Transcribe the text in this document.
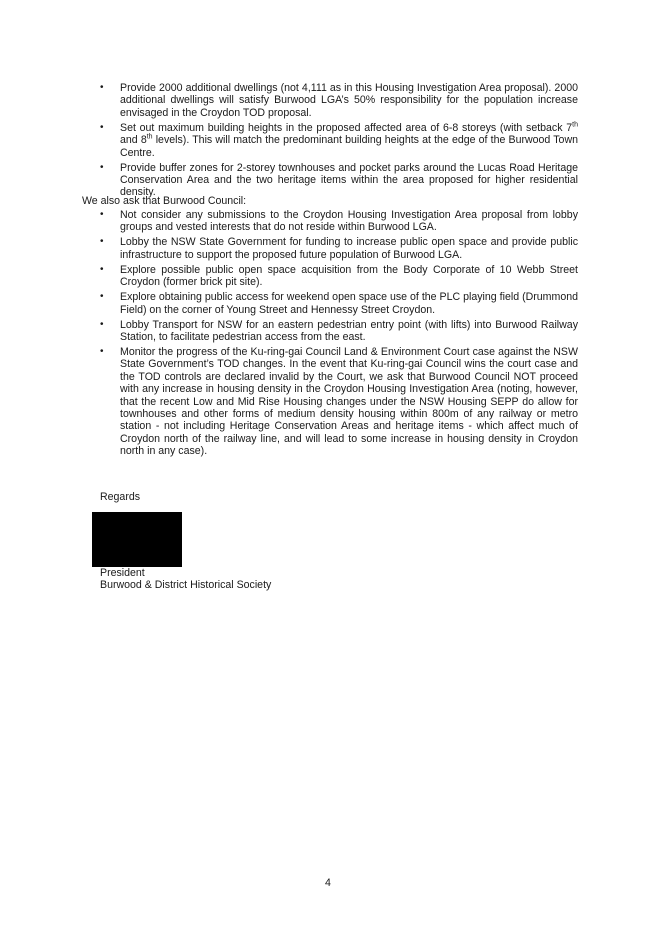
• Provide 2000 additional dwellings (not 4,111 as in this Housing Investigation Area proposal). 2000 additional dwellings will satisfy Burwood LGA’s 50% responsibility for the population increase envisaged in the Croydon TOD proposal.
• Set out maximum building heights in the proposed affected area of 6-8 storeys (with setback 7th and 8th levels). This will match the predominant building heights at the edge of the Burwood Town Centre.
• Provide buffer zones for 2-storey townhouses and pocket parks around the Lucas Road Heritage Conservation Area and the two heritage items within the area proposed for higher residential density.
We also ask that Burwood Council:
• Not consider any submissions to the Croydon Housing Investigation Area proposal from lobby groups and vested interests that do not reside within Burwood LGA.
• Lobby the NSW State Government for funding to increase public open space and provide public infrastructure to support the proposed future population of Burwood LGA.
• Explore possible public open space acquisition from the Body Corporate of 10 Webb Street Croydon (former brick pit site).
• Explore obtaining public access for weekend open space use of the PLC playing field (Drummond Field) on the corner of Young Street and Hennessy Street Croydon.
• Lobby Transport for NSW for an eastern pedestrian entry point (with lifts) into Burwood Railway Station, to facilitate pedestrian access from the east.
• Monitor the progress of the Ku-ring-gai Council Land & Environment Court case against the NSW State Government’s TOD changes. In the event that Ku-ring-gai Council wins the court case and the TOD controls are declared invalid by the Court, we ask that Burwood Council NOT proceed with any increase in housing density in the Croydon Housing Investigation Area (noting, however, that the recent Low and Mid Rise Housing changes under the NSW Housing SEPP do allow for townhouses and other forms of medium density housing within 800m of any railway or metro station - not including Heritage Conservation Areas and heritage items - which affect much of Croydon north of the railway line, and will lead to some increase in housing density in Croydon north in any case).
Regards
President
Burwood & District Historical Society
4
